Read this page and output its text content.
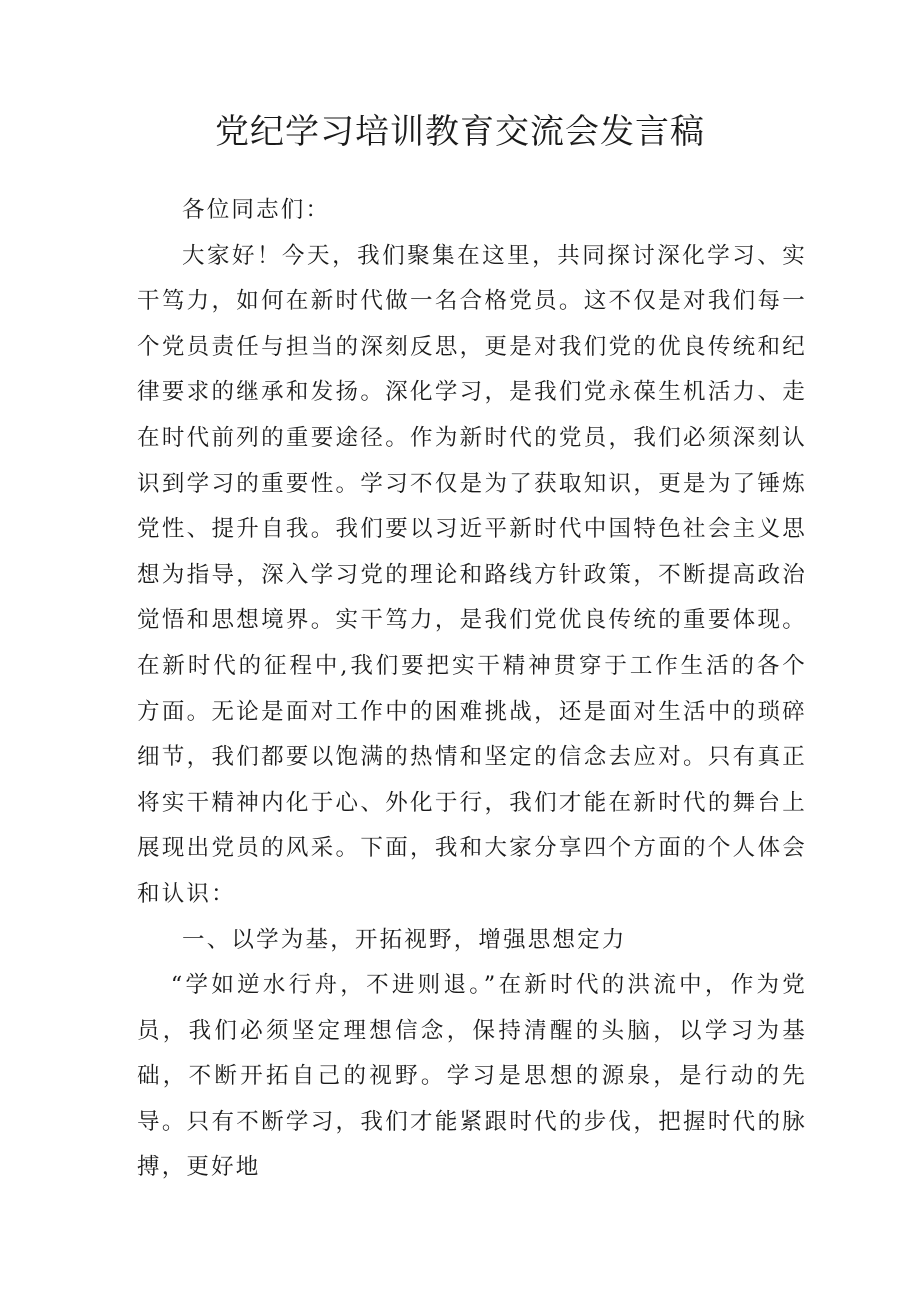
党纪学习培训教育交流会发言稿

各位同志们：

大家好！今天，我们聚集在这里，共同探讨深化学习、实干笃力，如何在新时代做一名合格党员。这不仅是对我们每一个党员责任与担当的深刻反思，更是对我们党的优良传统和纪律要求的继承和发扬。深化学习，是我们党永葆生机活力、走在时代前列的重要途径。作为新时代的党员，我们必须深刻认识到学习的重要性。学习不仅是为了获取知识，更是为了锤炼党性、提升自我。我们要以习近平新时代中国特色社会主义思想为指导，深入学习党的理论和路线方针政策，不断提高政治觉悟和思想境界。实干笃力，是我们党优良传统的重要体现。在新时代的征程中,我们要把实干精神贯穿于工作生活的各个方面。无论是面对工作中的困难挑战，还是面对生活中的琐碎细节，我们都要以饱满的热情和坚定的信念去应对。只有真正将实干精神内化于心、外化于行，我们才能在新时代的舞台上展现出党员的风采。下面，我和大家分享四个方面的个人体会和认识：

一、以学为基，开拓视野，增强思想定力

“学如逆水行舟，不进则退。”在新时代的洪流中，作为党员，我们必须坚定理想信念，保持清醒的头脑，以学习为基础，不断开拓自己的视野。学习是思想的源泉，是行动的先导。只有不断学习，我们才能紧跟时代的步伐，把握时代的脉搏，更好地
